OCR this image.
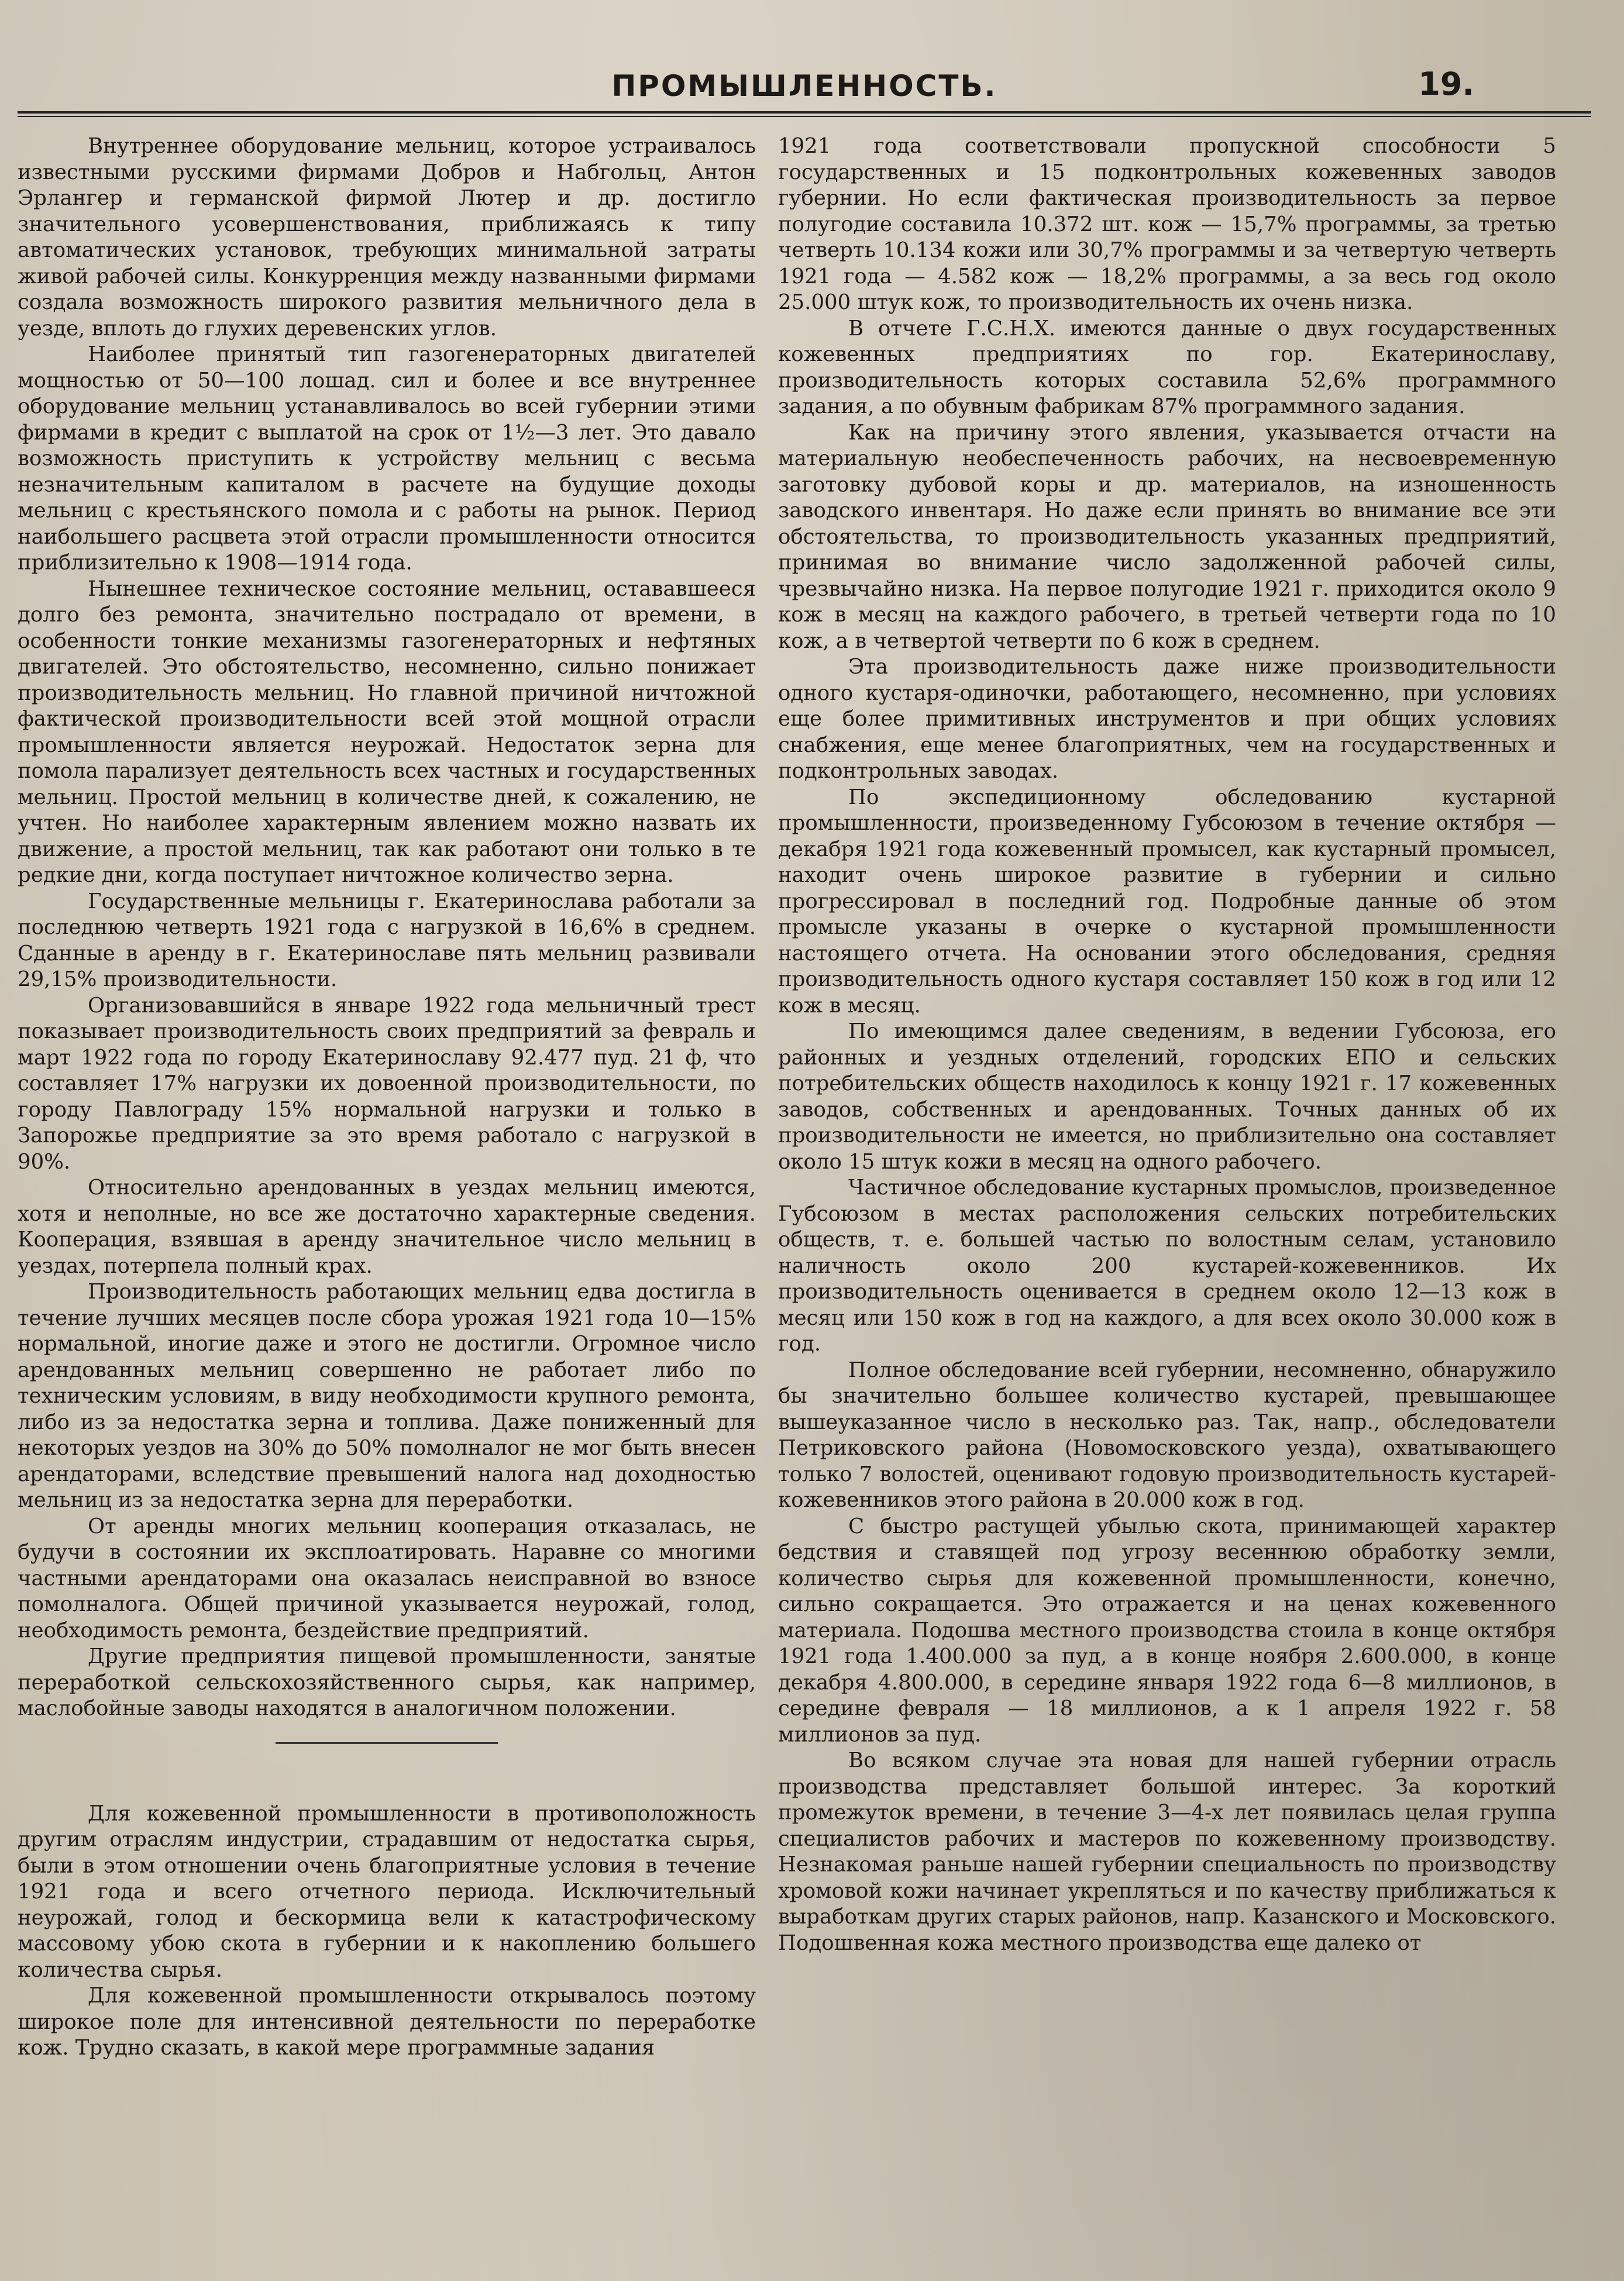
ПРОМЫШЛЕННОСТЬ.	19.

Внутреннее оборудование мельниц, которое устраивалось известными русскими фирмами Добров и Набгольц, Антон Эрлангер и германской фирмой Лютер и др. достигло значительного усовершенствования, приближаясь к типу автоматических установок, требующих минимальной затраты живой рабочей силы. Конкурренция между названными фирмами создала возможность широкого развития мельничного дела в уезде, вплоть до глухих деревенских углов.

Наиболее принятый тип газогенераторных двигателей мощностью от 50—100 лошад. сил и более и все внутреннее оборудование мельниц устанавливалось во всей губернии этими фирмами в кредит с выплатой на срок от 1½—3 лет. Это давало возможность приступить к устройству мельниц с весьма незначительным капиталом в расчете на будущие доходы мельниц с крестьянского помола и с работы на рынок. Период наибольшего расцвета этой отрасли промышленности относится приблизительно к 1908—1914 года.

Нынешнее техническое состояние мельниц, остававшееся долго без ремонта, значительно пострадало от времени, в особенности тонкие механизмы газогенераторных и нефтяных двигателей. Это обстоятельство, несомненно, сильно понижает производительность мельниц. Но главной причиной ничтожной фактической производительности всей этой мощной отрасли промышленности является неурожай. Недостаток зерна для помола парализует деятельность всех частных и государственных мельниц. Простой мельниц в количестве дней, к сожалению, не учтен. Но наиболее характерным явлением можно назвать их движение, а простой мельниц, так как работают они только в те редкие дни, когда поступает ничтожное количество зерна.

Государственные мельницы г. Екатеринослава работали за последнюю четверть 1921 года с нагрузкой в 16,6% в среднем. Сданные в аренду в г. Екатеринославе пять мельниц развивали 29,15% производительности.

Организовавшийся в январе 1922 года мельничный трест показывает производительность своих предприятий за февраль и март 1922 года по городу Екатеринославу 92.477 пуд. 21 ф, что составляет 17% нагрузки их довоенной производительности, по городу Павлограду 15% нормальной нагрузки и только в Запорожье предприятие за это время работало с нагрузкой в 90%.

Относительно арендованных в уездах мельниц имеются, хотя и неполные, но все же достаточно характерные сведения. Кооперация, взявшая в аренду значительное число мельниц в уездах, потерпела полный крах.

Производительность работающих мельниц едва достигла в течение лучших месяцев после сбора урожая 1921 года 10—15% нормальной, иногие даже и этого не достигли. Огромное число арендованных мельниц совершенно не работает либо по техническим условиям, в виду необходимости крупного ремонта, либо из за недостатка зерна и топлива. Даже пониженный для некоторых уездов на 30% до 50% помолналог не мог быть внесен арендаторами, вследствие превышений налога над доходностью мельниц из за недостатка зерна для переработки.

От аренды многих мельниц кооперация отказалась, не будучи в состоянии их эксплоатировать. Наравне со многими частными арендаторами она оказалась неисправной во взносе помолналога. Общей причиной указывается неурожай, голод, необходимость ремонта, бездействие предприятий.

Другие предприятия пищевой промышленности, занятые переработкой сельскохозяйственного сырья, как например, маслобойные заводы находятся в аналогичном положении.

Для кожевенной промышленности в противоположность другим отраслям индустрии, страдавшим от недостатка сырья, были в этом отношении очень благоприятные условия в течение 1921 года и всего отчетного периода. Исключительный неурожай, голод и бескормица вели к катастрофическому массовому убою скота в губернии и к накоплению большего количества сырья.

Для кожевенной промышленности открывалось поэтому широкое поле для интенсивной деятельности по переработке кож. Трудно сказать, в какой мере программные задания

1921 года соответствовали пропускной способности 5 государственных и 15 подконтрольных кожевенных заводов губернии. Но если фактическая производительность за первое полугодие составила 10.372 шт. кож — 15,7% программы, за третью четверть 10.134 кожи или 30,7% программы и за четвертую четверть 1921 года — 4.582 кож — 18,2% программы, а за весь год около 25.000 штук кож, то производительность их очень низка.

В отчете Г.С.Н.Х. имеются данные о двух государственных кожевенных предприятиях по гор. Екатеринославу, производительность которых составила 52,6% программного задания, а по обувным фабрикам 87% программного задания.

Как на причину этого явления, указывается отчасти на материальную необеспеченность рабочих, на несвоевременную заготовку дубовой коры и др. материалов, на изношенность заводского инвентаря. Но даже если принять во внимание все эти обстоятельства, то производительность указанных предприятий, принимая во внимание число задолженной рабочей силы, чрезвычайно низка. На первое полугодие 1921 г. приходится около 9 кож в месяц на каждого рабочего, в третьей четверти года по 10 кож, а в четвертой четверти по 6 кож в среднем.

Эта производительность даже ниже производительности одного кустаря-одиночки, работающего, несомненно, при условиях еще более примитивных инструментов и при общих условиях снабжения, еще менее благоприятных, чем на государственных и подконтрольных заводах.

По экспедиционному обследованию кустарной промышленности, произведенному Губсоюзом в течение октября — декабря 1921 года кожевенный промысел, как кустарный промысел, находит очень широкое развитие в губернии и сильно прогрессировал в последний год. Подробные данные об этом промысле указаны в очерке о кустарной промышленности настоящего отчета. На основании этого обследования, средняя производительность одного кустаря составляет 150 кож в год или 12 кож в месяц.

По имеющимся далее сведениям, в ведении Губсоюза, его районных и уездных отделений, городских ЕПО и сельских потребительских обществ находилось к концу 1921 г. 17 кожевенных заводов, собственных и арендованных. Точных данных об их производительности не имеется, но приблизительно она составляет около 15 штук кожи в месяц на одного рабочего.

Частичное обследование кустарных промыслов, произведенное Губсоюзом в местах расположения сельских потребительских обществ, т. е. большей частью по волостным селам, установило наличность около 200 кустарей-кожевенников. Их производительность оценивается в среднем около 12—13 кож в месяц или 150 кож в год на каждого, а для всех около 30.000 кож в год.

Полное обследование всей губернии, несомненно, обнаружило бы значительно большее количество кустарей, превышающее вышеуказанное число в несколько раз. Так, напр., обследователи Петриковского района (Новомосковского уезда), охватывающего только 7 волостей, оценивают годовую производительность кустарей-кожевенников этого района в 20.000 кож в год.

С быстро растущей убылью скота, принимающей характер бедствия и ставящей под угрозу весеннюю обработку земли, количество сырья для кожевенной промышленности, конечно, сильно сокращается. Это отражается и на ценах кожевенного материала. Подошва местного производства стоила в конце октября 1921 года 1.400.000 за пуд, а в конце ноября 2.600.000, в конце декабря 4.800.000, в середине января 1922 года 6—8 миллионов, в середине февраля — 18 миллионов, а к 1 апреля 1922 г. 58 миллионов за пуд.

Во всяком случае эта новая для нашей губернии отрасль производства представляет большой интерес. За короткий промежуток времени, в течение 3—4-х лет появилась целая группа специалистов рабочих и мастеров по кожевенному производству. Незнакомая раньше нашей губернии специальность по производству хромовой кожи начинает укрепляться и по качеству приближаться к выработкам других старых районов, напр. Казанского и Московского. Подошвенная кожа местного производства еще далеко от
